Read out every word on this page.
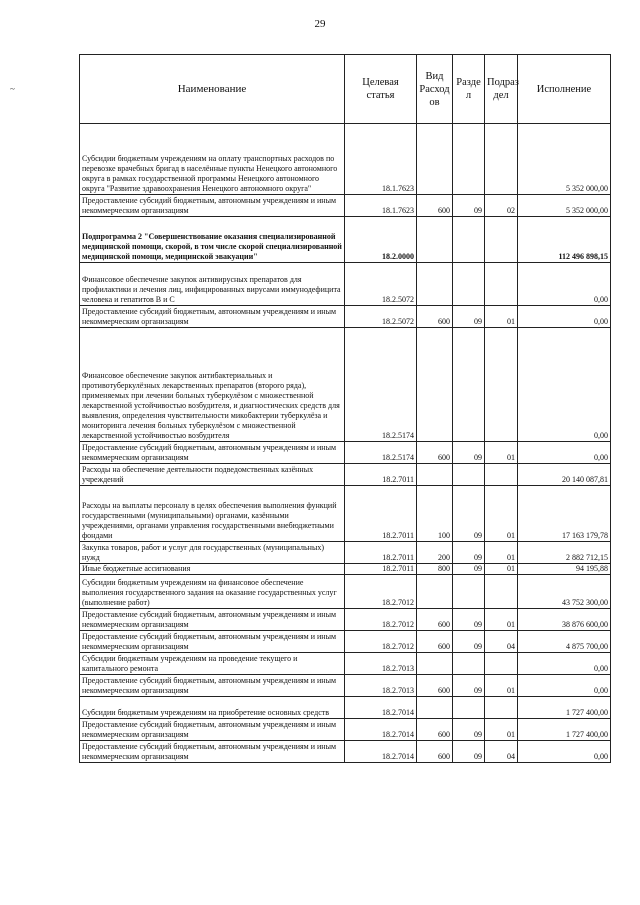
29
~	Наименование	Целевая статья	Вид Расход ов	Разде л	Подраз дел	Исполнение
Субсидии бюджетным учреждениям на оплату транспортных расходов по перевозке врачебных бригад в населённые пункты Ненецкого автономного округа в рамках государственной программы Ненецкого автономного округа "Развитие здравоохранения Ненецкого автономного округа"	18.1.7623				5 352 000,00
Предоставление субсидий бюджетным, автономным учреждениям и иным некоммерческим организациям	18.1.7623	600	09	02	5 352 000,00
Подпрограмма 2 "Совершенствование оказания специализированной медицинской помощи, скорой, в том числе скорой специализированной медицинской помощи, медицинской эвакуации"	18.2.0000				112 496 898,15
Финансовое обеспечение закупок антивирусных препаратов для профилактики и лечения лиц, инфицированных вирусами иммунодефицита человека и гепатитов В и С	18.2.5072				0,00
Предоставление субсидий бюджетным, автономным учреждениям и иным некоммерческим организациям	18.2.5072	600	09	01	0,00
Финансовое обеспечение закупок антибактериальных и противотуберкулёзных лекарственных препаратов (второго ряда), применяемых при лечении больных туберкулёзом с множественной лекарственной устойчивостью возбудителя, и диагностических средств для выявления, определения чувствительности микобактерии туберкулёза и мониторинга лечения больных туберкулёзом с множественной лекарственной устойчивостью возбудителя	18.2.5174				0,00
Предоставление субсидий бюджетным, автономным учреждениям и иным некоммерческим организациям	18.2.5174	600	09	01	0,00
Расходы на обеспечение деятельности подведомственных казённых учреждений	18.2.7011				20 140 087,81
Расходы на выплаты персоналу в целях обеспечения выполнения функций государственными (муниципальными) органами, казёнными учреждениями, органами управления государственными внебюджетными фондами	18.2.7011	100	09	01	17 163 179,78
Закупка товаров, работ и услуг для государственных (муниципальных) нужд	18.2.7011	200	09	01	2 882 712,15
Иные бюджетные ассигнования	18.2.7011	800	09	01	94 195,88
Субсидии бюджетным учреждениям на финансовое обеспечение выполнения государственного задания на оказание государственных услуг (выполнение работ)	18.2.7012				43 752 300,00
Предоставление субсидий бюджетным, автономным учреждениям и иным некоммерческим организациям	18.2.7012	600	09	01	38 876 600,00
Предоставление субсидий бюджетным, автономным учреждениям и иным некоммерческим организациям	18.2.7012	600	09	04	4 875 700,00
Субсидии бюджетным учреждениям на проведение текущего и капитального ремонта	18.2.7013				0,00
Предоставление субсидий бюджетным, автономным учреждениям и иным некоммерческим организациям	18.2.7013	600	09	01	0,00
Субсидии бюджетным учреждениям на приобретение основных средств	18.2.7014				1 727 400,00
Предоставление субсидий бюджетным, автономным учреждениям и иным некоммерческим организациям	18.2.7014	600	09	01	1 727 400,00
Предоставление субсидий бюджетным, автономным учреждениям и иным некоммерческим организациям	18.2.7014	600	09	04	0,00
